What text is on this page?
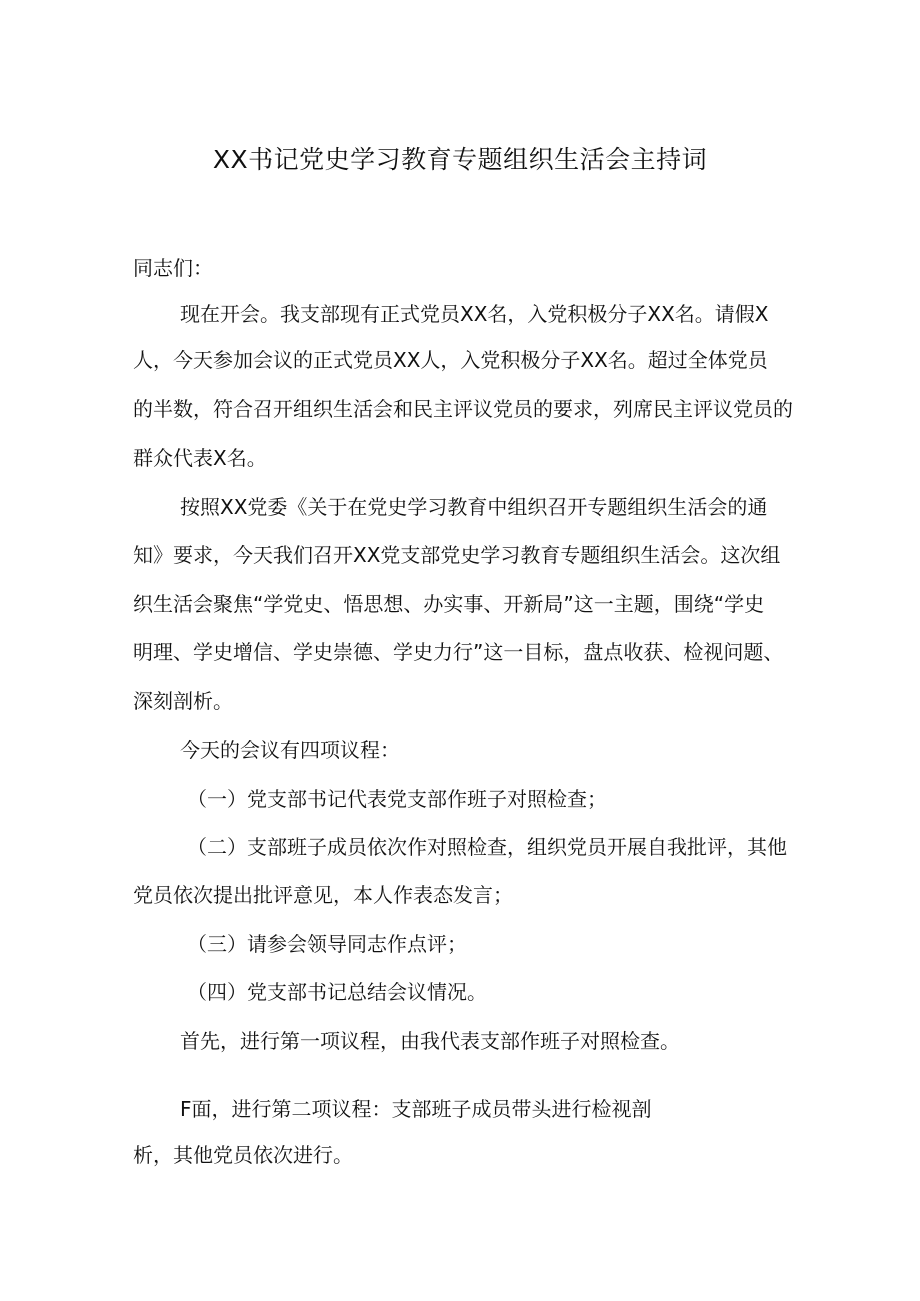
XX书记党史学习教育专题组织生活会主持词

同志们：

现在开会。我支部现有正式党员XX名，入党积极分子XX名。请假X

人，今天参加会议的正式党员XX人，入党积极分子XX名。超过全体党员

的半数，符合召开组织生活会和民主评议党员的要求，列席民主评议党员的

群众代表X名。

按照XX党委《关于在党史学习教育中组织召开专题组织生活会的通

知》要求，今天我们召开XX党支部党史学习教育专题组织生活会。这次组

织生活会聚焦“学党史、悟思想、办实事、开新局”这一主题，围绕“学史

明理、学史增信、学史崇德、学史力行”这一目标，盘点收获、检视问题、

深刻剖析。

今天的会议有四项议程：

（一）党支部书记代表党支部作班子对照检查；

（二）支部班子成员依次作对照检查，组织党员开展自我批评，其他

党员依次提出批评意见，本人作表态发言；

（三）请参会领导同志作点评；

（四）党支部书记总结会议情况。

首先，进行第一项议程，由我代表支部作班子对照检查。

F面，进行第二项议程：支部班子成员带头进行检视剖

析，其他党员依次进行。
